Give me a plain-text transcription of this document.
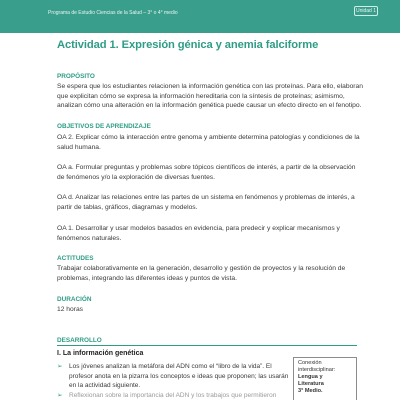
Programa de Estudio Ciencias de la Salud – 3° o 4° medio	Unidad 1
Actividad 1. Expresión génica y anemia falciforme
PROPÓSITO
Se espera que los estudiantes relacionen la información genética con las proteínas. Para ello, elaboran
que explicitan cómo se expresa la información hereditaria con la síntesis de proteínas; asimismo,
analizan cómo una alteración en la información genética puede causar un efecto directo en el fenotipo.
OBJETIVOS DE APRENDIZAJE
OA 2. Explicar cómo la interacción entre genoma y ambiente determina patologías y condiciones de la
salud humana.
OA a. Formular preguntas y problemas sobre tópicos científicos de interés, a partir de la observación
de fenómenos y/o la exploración de diversas fuentes.
OA d. Analizar las relaciones entre las partes de un sistema en fenómenos y problemas de interés, a
partir de tablas, gráficos, diagramas y modelos.
OA 1. Desarrollar y usar modelos basados en evidencia, para predecir y explicar mecanismos y
fenómenos naturales.
ACTITUDES
Trabajar colaborativamente en la generación, desarrollo y gestión de proyectos y la resolución de
problemas, integrando las diferentes ideas y puntos de vista.
DURACIÓN
12 horas
DESARROLLO
I. La información genética
➢ Los jóvenes analizan la metáfora del ADN como el “libro de la vida”. El
profesor anota en la pizarra los conceptos e ideas que proponen; las usarán
en la actividad siguiente.
➢ Reflexionan sobre la importancia del ADN y los trabajos que permitieron
Conexión
interdisciplinar:
Lengua y
Literatura
3° Medio.
